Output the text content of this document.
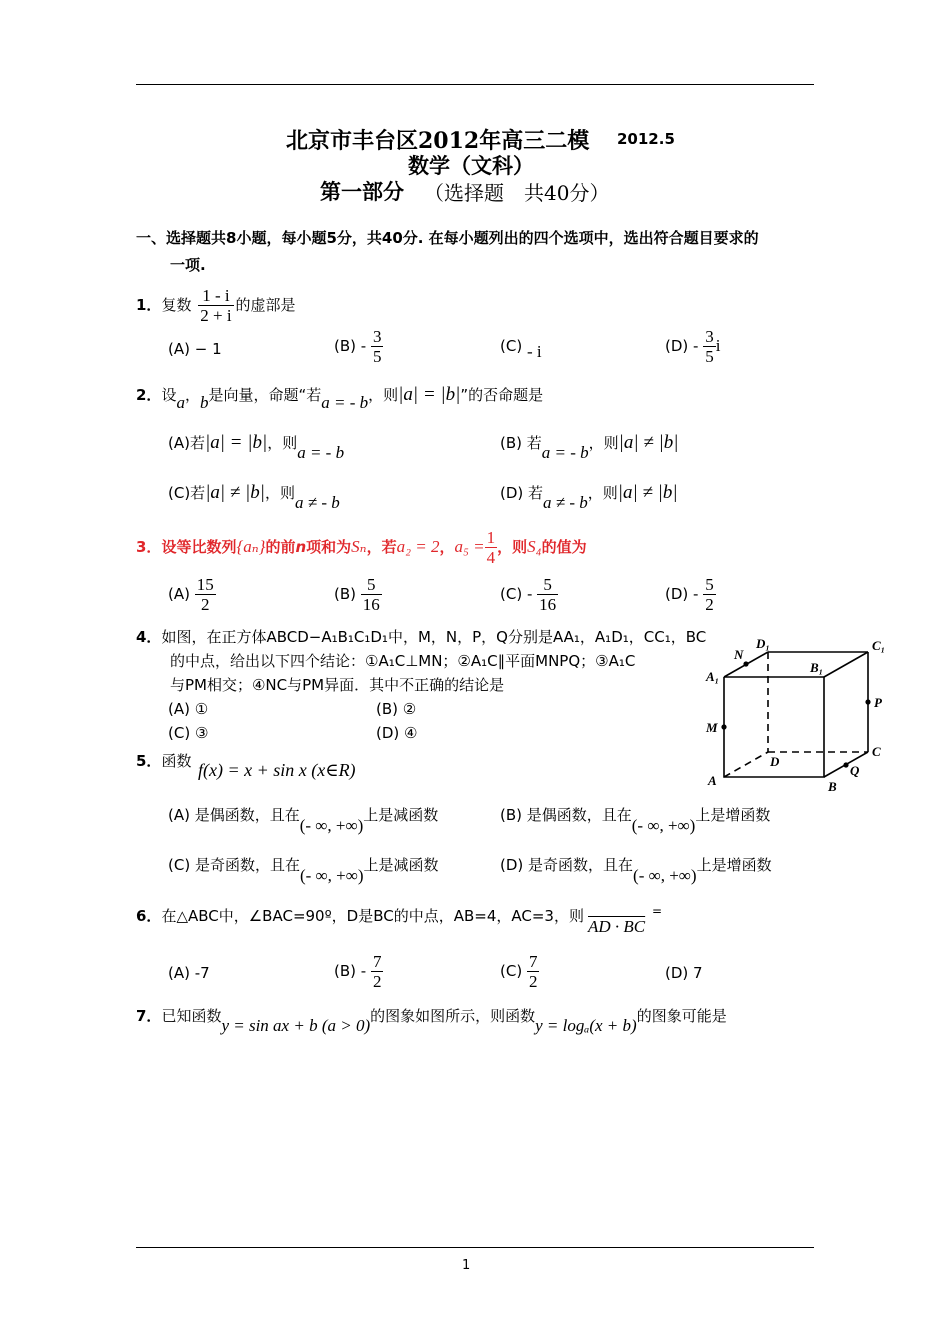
北京市丰台区2012年高三二模 2012.5
数学（文科）
第一部分 （选择题　共40分）
一、选择题共8小题，每小题5分，共40分. 在每小题列出的四个选项中，选出符合题目要求的
一项.
1．复数 $\frac{1 - i}{2 + i}$ 的虚部是
(A) − 1	$(B) - \frac{3}{5}$	(C) - i	$(D) - \frac{3}{5}$ i
2．设a，b是向量，命题“若a = - b，则|a| = |b|”的否命题是
(A)若|a| = |b|，则a = - b	(B) 若a = - b，则|a| ≠ |b|
(C)若|a| ≠ |b|，则a ≠ - b	(D) 若a ≠ - b，则|a| ≠ |b|
3．设等比数列{aₙ}的前n项和为Sₙ，若a₂ = 2，$a_5 = \frac{1}{4}$ ，则S₄的值为
$(A) \frac{15}{2}$	$(B) \frac{5}{16}$	$(C) - \frac{5}{16}$	$(D) - \frac{5}{2}$
4．如图，在正方体ABCD−A₁B₁C₁D₁中，M，N，P，Q分别是AA₁，A₁D₁，CC₁，BC
的中点，给出以下四个结论：①A₁C⊥MN；②A₁C∥平面MNPQ；③A₁C
与PM相交；④NC与PM异面．其中不正确的结论是
(A) ①	(B) ②
(C) ③	(D) ④
A₁
D₁
B₁
C₁
N
M
P
C
D
A	B
Q
5．函数 f(x) = x + sin x (x∈R)
(A) 是偶函数，且在(- ∞, +∞)上是减函数	(B) 是偶函数，且在(- ∞, +∞)上是增函数
(C) 是奇函数，且在(- ∞, +∞)上是减函数	(D) 是奇函数，且在(- ∞, +∞)上是增函数
6．在△ABC中，∠BAC=90º，D是BC的中点，AB=4，AC=3，则
AD · BC
=
(A) -7	$(B) - \frac{7}{2}$	$(C) \frac{7}{2}$	(D) 7
7．已知函数y = sin ax + b (a > 0)的图象如图所示，则函数y = logₐ(x + b)的图象可能是
1
